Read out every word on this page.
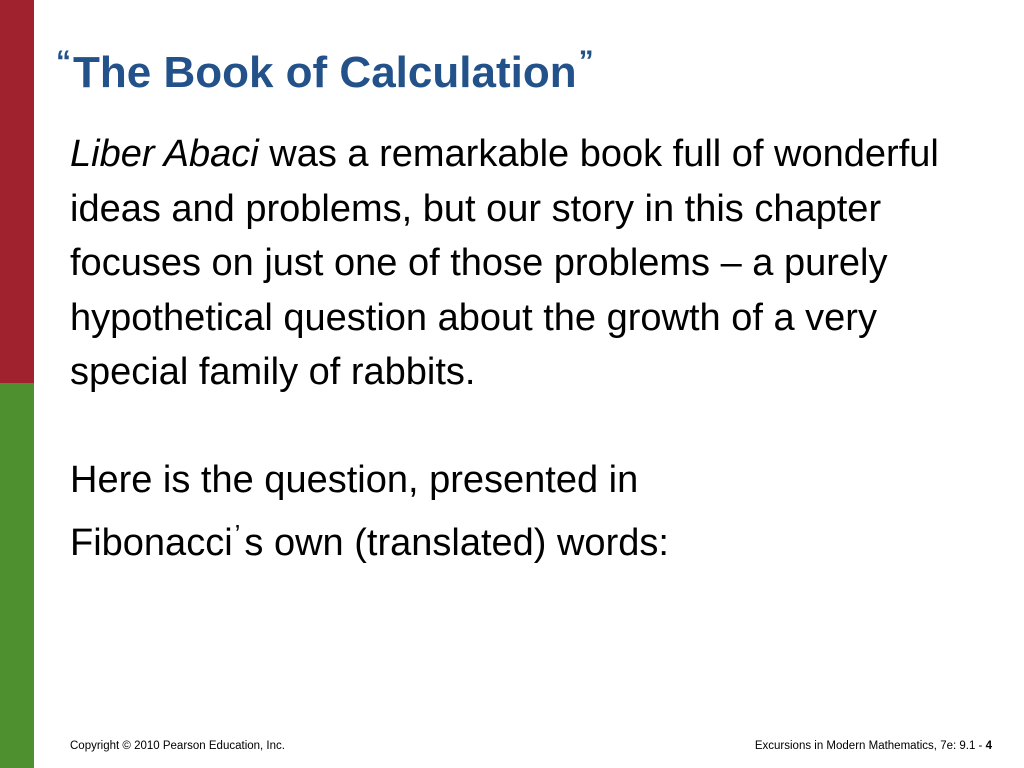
“The Book of Calculation”

Liber Abaci was a remarkable book full of wonderful ideas and problems, but our story in this chapter focuses on just one of those problems – a purely hypothetical question about the growth of a very special family of rabbits.

Here is the question, presented in
Fibonacci’ s own (translated) words:

Copyright © 2010 Pearson Education, Inc.	Excursions in Modern Mathematics, 7e: 9.1 - 4
